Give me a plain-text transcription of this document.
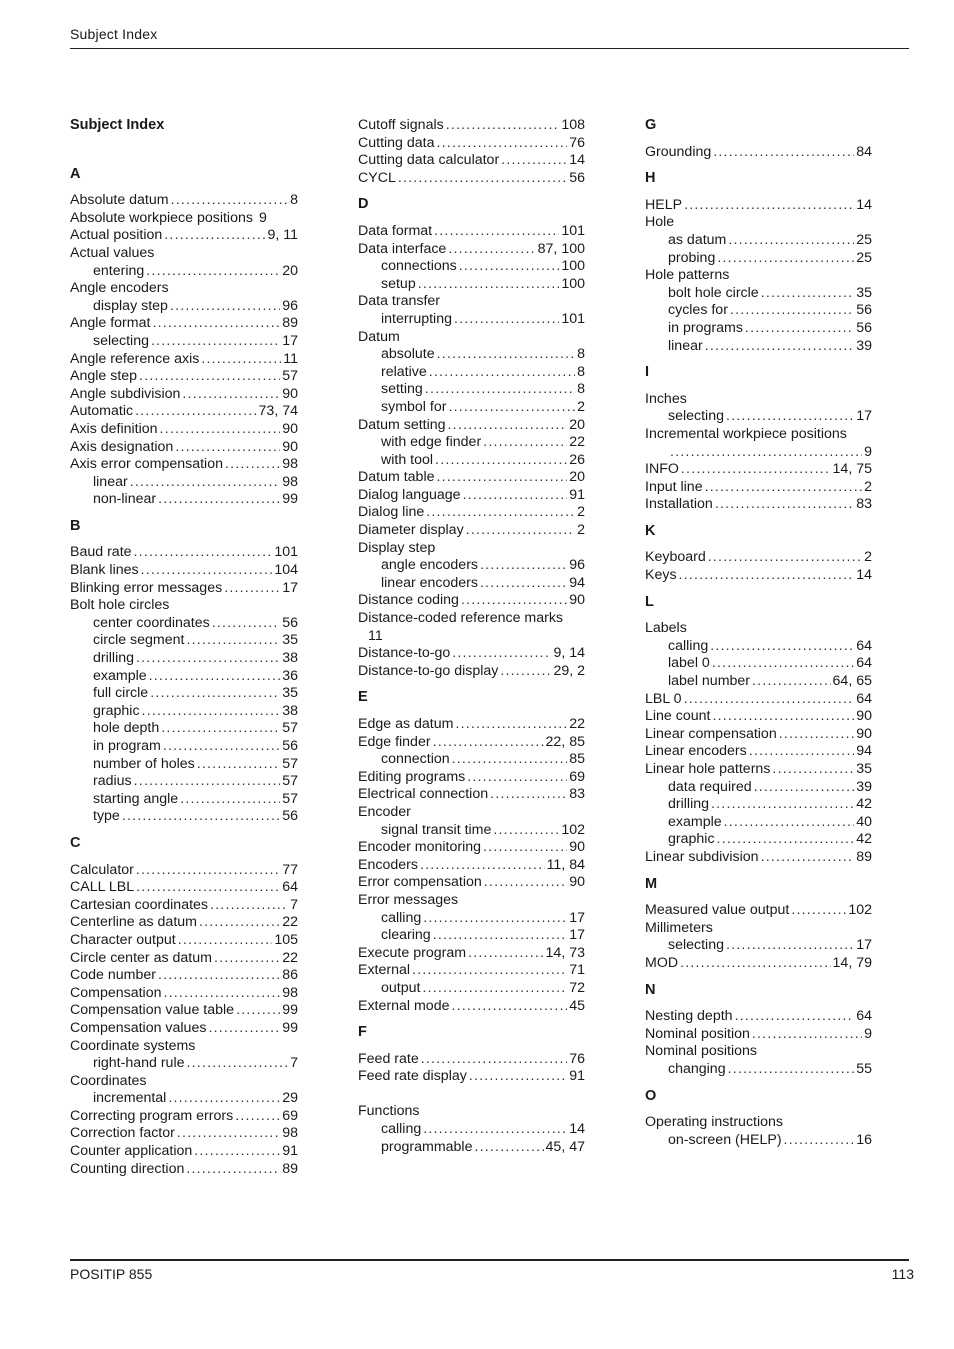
Subject Index
Subject Index
A
Absolute datum .....	8
Absolute workpiece positions 9
Actual position .....	9, 11
Actual values
entering .....	20
Angle encoders
display step .....	96
Angle format .....	89
selecting .....	17
Angle reference axis .....	11
Angle step .....	57
Angle subdivision .....	90
Automatic .....	73, 74
Axis definition .....	90
Axis designation .....	90
Axis error compensation .....	98
linear .....	98
non-linear .....	99
B
Baud rate .....	101
Blank lines .....	104
Blinking error messages .....	17
Bolt hole circles
center coordinates .....	56
circle segment .....	35
drilling .....	38
example .....	36
full circle .....	35
graphic .....	38
hole depth .....	57
in program .....	56
number of holes .....	57
radius .....	57
starting angle .....	57
type .....	56
C
Calculator .....	77
CALL LBL .....	64
Cartesian coordinates .....	7
Centerline as datum .....	22
Character output .....	105
Circle center as datum .....	22
Code number .....	86
Compensation .....	98
Compensation value table .....	99
Compensation values .....	99
Coordinate systems
right-hand rule .....	7
Coordinates
incremental .....	29
Correcting program errors .....	69
Correction factor .....	98
Counter application .....	91
Counting direction .....	89
Cutoff signals .....	108
Cutting data .....	76
Cutting data calculator .....	14
CYCL .....	56
D
Data format .....	101
Data interface .....	87, 100
connections .....	100
setup .....	100
Data transfer
interrupting .....	101
Datum
absolute .....	8
relative .....	8
setting .....	8
symbol for .....	2
Datum setting .....	20
with edge finder .....	22
with tool .....	26
Datum table .....	20
Dialog language .....	91
Dialog line .....	2
Diameter display .....	2
Display step
angle encoders .....	96
linear encoders .....	94
Distance coding .....	90
Distance-coded reference marks
11
Distance-to-go .....	9, 14
Distance-to-go display .....	29, 2
E
Edge as datum .....	22
Edge finder .....	22, 85
connection .....	85
Editing programs .....	69
Electrical connection .....	83
Encoder
signal transit time .....	102
Encoder monitoring .....	90
Encoders .....	11, 84
Error compensation .....	90
Error messages
calling .....	17
clearing .....	17
Execute program .....	14, 73
External .....	71
output .....	72
External mode .....	45
F
Feed rate .....	76
Feed rate display .....	91
Functions
calling .....	14
programmable .....	45, 47
G
Grounding .....	84
H
HELP .....	14
Hole
as datum .....	25
probing .....	25
Hole patterns
bolt hole circle .....	35
cycles for .....	56
in programs .....	56
linear .....	39
I
Inches
selecting .....	17
Incremental workpiece positions
.....
9
INFO .....	14, 75
Input line .....	2
Installation .....	83
K
Keyboard .....	2
Keys .....	14
L
Labels
calling .....	64
label 0 .....	64
label number .....	64, 65
LBL 0 .....	64
Line count .....	90
Linear compensation .....	90
Linear encoders .....	94
Linear hole patterns .....	35
data required .....	39
drilling .....	42
example .....	40
graphic .....	42
Linear subdivision .....	89
M
Measured value output .....	102
Millimeters
selecting .....	17
MOD .....	14, 79
N
Nesting depth .....	64
Nominal position .....	9
Nominal positions
changing .....	55
O
Operating instructions
on-screen (HELP) .....	16
POSITIP 855	113
